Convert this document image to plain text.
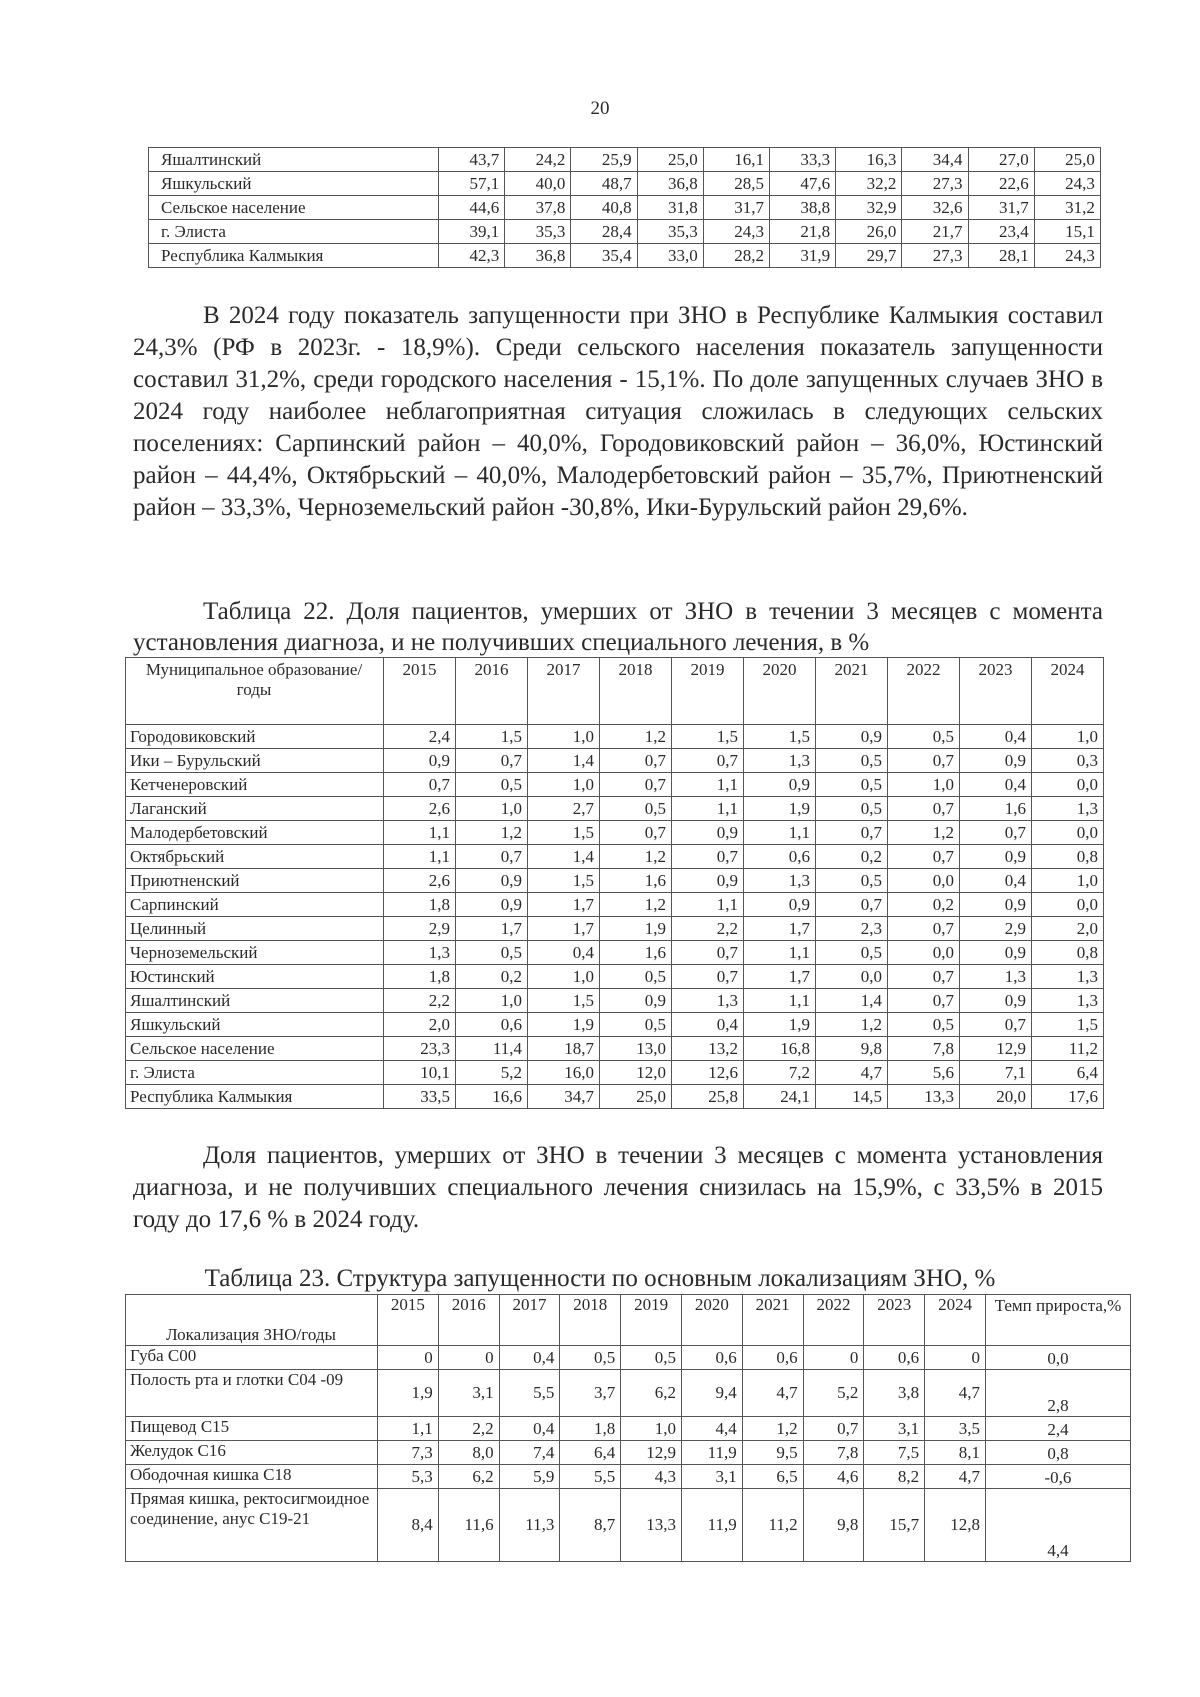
20
Яшалтинский	43,7	24,2	25,9	25,0	16,1	33,3	16,3	34,4	27,0	25,0
Яшкульский	57,1	40,0	48,7	36,8	28,5	47,6	32,2	27,3	22,6	24,3
Сельское население	44,6	37,8	40,8	31,8	31,7	38,8	32,9	32,6	31,7	31,2
г. Элиста	39,1	35,3	28,4	35,3	24,3	21,8	26,0	21,7	23,4	15,1
Республика Калмыкия	42,3	36,8	35,4	33,0	28,2	31,9	29,7	27,3	28,1	24,3

В 2024 году показатель запущенности при ЗНО в Республике Калмыкия составил 24,3% (РФ в 2023г. - 18,9%). Среди сельского населения показатель запущенности составил 31,2%, среди городского населения - 15,1%. По доле запущенных случаев ЗНО в 2024 году наиболее неблагоприятная ситуация сложилась в следующих сельских поселениях: Сарпинский район – 40,0%, Городовиковский район – 36,0%, Юстинский район – 44,4%, Октябрьский – 40,0%, Малодербетовский район – 35,7%, Приютненский район – 33,3%, Черноземельский район -30,8%, Ики-Бурульский район 29,6%.

Таблица 22. Доля пациентов, умерших от ЗНО в течении 3 месяцев с момента установления диагноза, и не получивших специального лечения, в %

Муниципальное образование/годы	2015	2016	2017	2018	2019	2020	2021	2022	2023	2024
Городовиковский	2,4	1,5	1,0	1,2	1,5	1,5	0,9	0,5	0,4	1,0
Ики – Бурульский	0,9	0,7	1,4	0,7	0,7	1,3	0,5	0,7	0,9	0,3
Кетченеровский	0,7	0,5	1,0	0,7	1,1	0,9	0,5	1,0	0,4	0,0
Лаганский	2,6	1,0	2,7	0,5	1,1	1,9	0,5	0,7	1,6	1,3
Малодербетовский	1,1	1,2	1,5	0,7	0,9	1,1	0,7	1,2	0,7	0,0
Октябрьский	1,1	0,7	1,4	1,2	0,7	0,6	0,2	0,7	0,9	0,8
Приютненский	2,6	0,9	1,5	1,6	0,9	1,3	0,5	0,0	0,4	1,0
Сарпинский	1,8	0,9	1,7	1,2	1,1	0,9	0,7	0,2	0,9	0,0
Целинный	2,9	1,7	1,7	1,9	2,2	1,7	2,3	0,7	2,9	2,0
Черноземельский	1,3	0,5	0,4	1,6	0,7	1,1	0,5	0,0	0,9	0,8
Юстинский	1,8	0,2	1,0	0,5	0,7	1,7	0,0	0,7	1,3	1,3
Яшалтинский	2,2	1,0	1,5	0,9	1,3	1,1	1,4	0,7	0,9	1,3
Яшкульский	2,0	0,6	1,9	0,5	0,4	1,9	1,2	0,5	0,7	1,5
Сельское население	23,3	11,4	18,7	13,0	13,2	16,8	9,8	7,8	12,9	11,2
г. Элиста	10,1	5,2	16,0	12,0	12,6	7,2	4,7	5,6	7,1	6,4
Республика Калмыкия	33,5	16,6	34,7	25,0	25,8	24,1	14,5	13,3	20,0	17,6

Доля пациентов, умерших от ЗНО в течении 3 месяцев с момента установления диагноза, и не получивших специального лечения снизилась на 15,9%, с 33,5% в 2015 году до 17,6 % в 2024 году.

Таблица 23. Структура запущенности по основным локализациям ЗНО, %

Локализация ЗНО/годы	2015	2016	2017	2018	2019	2020	2021	2022	2023	2024	Темп прироста,%
Губа С00	0	0	0,4	0,5	0,5	0,6	0,6	0	0,6	0	0,0
Полость рта и глотки С04 -09	1,9	3,1	5,5	3,7	6,2	9,4	4,7	5,2	3,8	4,7	2,8
Пищевод С15	1,1	2,2	0,4	1,8	1,0	4,4	1,2	0,7	3,1	3,5	2,4
Желудок С16	7,3	8,0	7,4	6,4	12,9	11,9	9,5	7,8	7,5	8,1	0,8
Ободочная кишка С18	5,3	6,2	5,9	5,5	4,3	3,1	6,5	4,6	8,2	4,7	-0,6
Прямая кишка, ректосигмоидное соединение, анус С19-21	8,4	11,6	11,3	8,7	13,3	11,9	11,2	9,8	15,7	12,8	4,4
